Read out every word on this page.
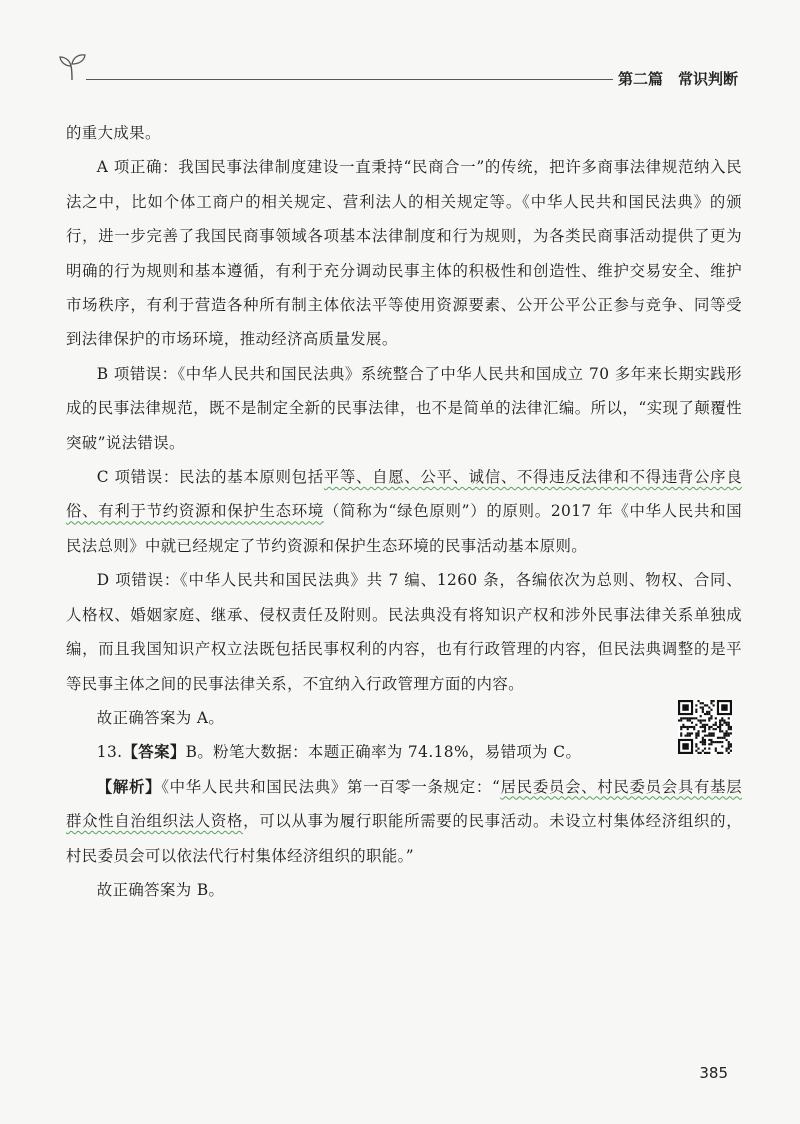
第二篇　常识判断

的重大成果。

A 项正确：我国民事法律制度建设一直秉持“民商合一”的传统，把许多商事法律规范纳入民法之中，比如个体工商户的相关规定、营利法人的相关规定等。《中华人民共和国民法典》的颁行，进一步完善了我国民商事领域各项基本法律制度和行为规则，为各类民商事活动提供了更为明确的行为规则和基本遵循，有利于充分调动民事主体的积极性和创造性、维护交易安全、维护市场秩序，有利于营造各种所有制主体依法平等使用资源要素、公开公平公正参与竞争、同等受到法律保护的市场环境，推动经济高质量发展。

B 项错误：《中华人民共和国民法典》系统整合了中华人民共和国成立 70 多年来长期实践形成的民事法律规范，既不是制定全新的民事法律，也不是简单的法律汇编。所以，“实现了颠覆性突破”说法错误。

C 项错误：民法的基本原则包括平等、自愿、公平、诚信、不得违反法律和不得违背公序良俗、有利于节约资源和保护生态环境（简称为“绿色原则”）的原则。2017 年《中华人民共和国民法总则》中就已经规定了节约资源和保护生态环境的民事活动基本原则。

D 项错误：《中华人民共和国民法典》共 7 编、1260 条，各编依次为总则、物权、合同、人格权、婚姻家庭、继承、侵权责任及附则。民法典没有将知识产权和涉外民事法律关系单独成编，而且我国知识产权立法既包括民事权利的内容，也有行政管理的内容，但民法典调整的是平等民事主体之间的民事法律关系，不宜纳入行政管理方面的内容。

故正确答案为 A。

13.【答案】B。粉笔大数据：本题正确率为 74.18%，易错项为 C。

【解析】《中华人民共和国民法典》第一百零一条规定：“居民委员会、村民委员会具有基层群众性自治组织法人资格，可以从事为履行职能所需要的民事活动。未设立村集体经济组织的，村民委员会可以依法代行村集体经济组织的职能。”

故正确答案为 B。

385
